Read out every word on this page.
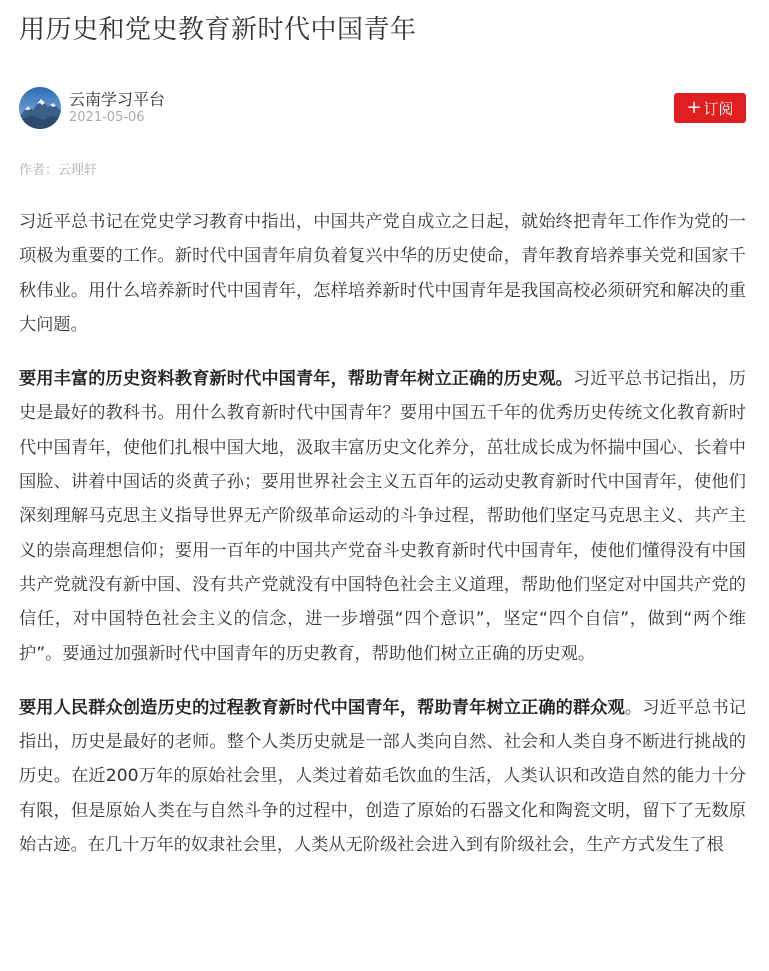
用历史和党史教育新时代中国青年
云南学习平台
2021-05-06	+ 订阅
作者：云理轩

习近平总书记在党史学习教育中指出，中国共产党自成立之日起，就始终把青年工作作为党的一项极为重要的工作。新时代中国青年肩负着复兴中华的历史使命，青年教育培养事关党和国家千秋伟业。用什么培养新时代中国青年，怎样培养新时代中国青年是我国高校必须研究和解决的重大问题。

要用丰富的历史资料教育新时代中国青年，帮助青年树立正确的历史观。习近平总书记指出，历史是最好的教科书。用什么教育新时代中国青年？要用中国五千年的优秀历史传统文化教育新时代中国青年，使他们扎根中国大地，汲取丰富历史文化养分，茁壮成长成为怀揣中国心、长着中国脸、讲着中国话的炎黄子孙；要用世界社会主义五百年的运动史教育新时代中国青年，使他们深刻理解马克思主义指导世界无产阶级革命运动的斗争过程，帮助他们坚定马克思主义、共产主义的崇高理想信仰；要用一百年的中国共产党奋斗史教育新时代中国青年，使他们懂得没有中国共产党就没有新中国、没有共产党就没有中国特色社会主义道理，帮助他们坚定对中国共产党的信任，对中国特色社会主义的信念，进一步增强“四个意识”，坚定“四个自信”，做到“两个维护”。要通过加强新时代中国青年的历史教育，帮助他们树立正确的历史观。

要用人民群众创造历史的过程教育新时代中国青年，帮助青年树立正确的群众观。习近平总书记指出，历史是最好的老师。整个人类历史就是一部人类向自然、社会和人类自身不断进行挑战的历史。在近200万年的原始社会里，人类过着茹毛饮血的生活，人类认识和改造自然的能力十分有限，但是原始人类在与自然斗争的过程中，创造了原始的石器文化和陶瓷文明，留下了无数原始古迹。在几十万年的奴隶社会里，人类从无阶级社会进入到有阶级社会，生产方式发生了根
